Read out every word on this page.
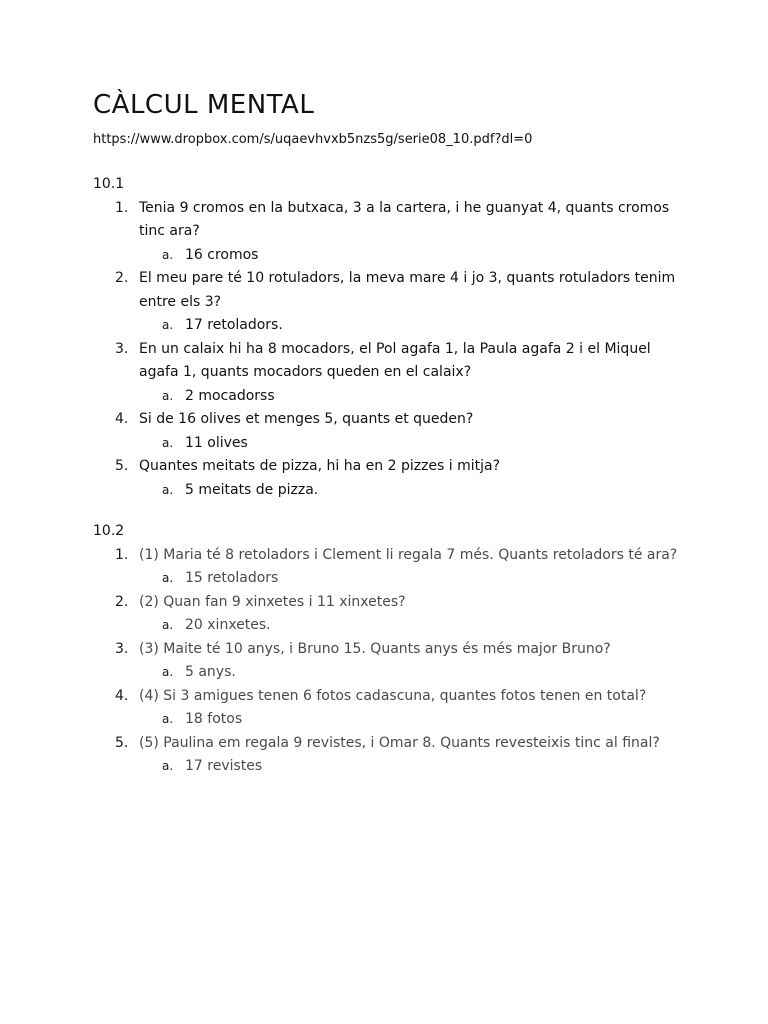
CÀLCUL MENTAL
https://www.dropbox.com/s/uqaevhvxb5nzs5g/serie08_10.pdf?dl=0
10.1
1. Tenia 9 cromos en la butxaca, 3 a la cartera, i he guanyat 4, quants cromos tinc ara?
a. 16 cromos
2. El meu pare té 10 rotuladors, la meva mare 4 i jo 3, quants rotuladors tenim entre els 3?
a. 17 retoladors.
3. En un calaix hi ha 8 mocadors, el Pol agafa 1, la Paula agafa 2 i el Miquel agafa 1, quants mocadors queden en el calaix?
a. 2 mocadorss
4. Si de 16 olives et menges 5, quants et queden?
a. 11 olives
5. Quantes meitats de pizza, hi ha en 2 pizzes i mitja?
a. 5 meitats de pizza.
10.2
1. (1) Maria té 8 retoladors i Clement li regala 7 més. Quants retoladors té ara?
a. 15 retoladors
2. (2) Quan fan 9 xinxetes i 11 xinxetes?
a. 20 xinxetes.
3. (3) Maite té 10 anys, i Bruno 15. Quants anys és més major Bruno?
a. 5 anys.
4. (4) Si 3 amigues tenen 6 fotos cadascuna, quantes fotos tenen en total?
a. 18 fotos
5. (5) Paulina em regala 9 revistes, i Omar 8. Quants revesteixis tinc al final?
a. 17 revistes
